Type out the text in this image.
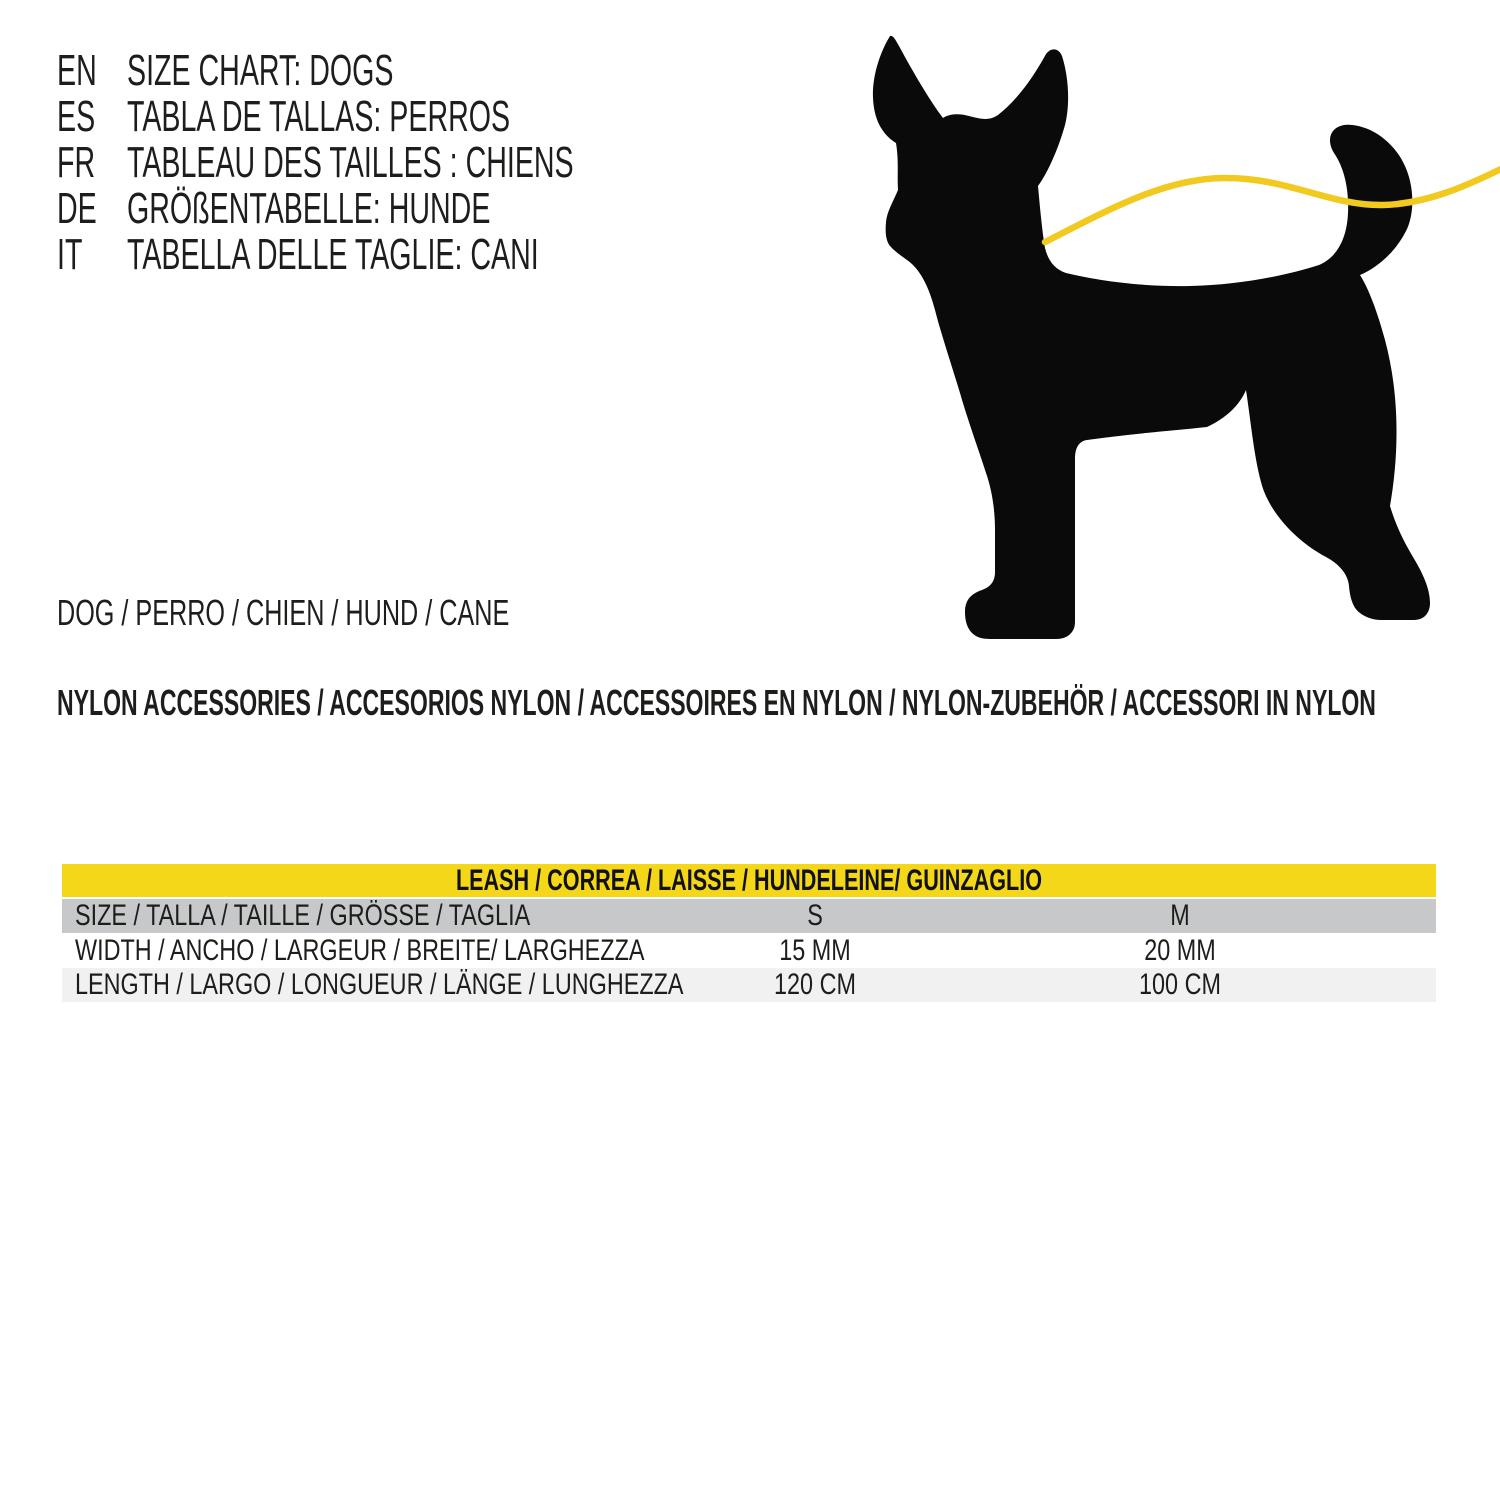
EN SIZE CHART: DOGS
ES TABLA DE TALLAS: PERROS
FR TABLEAU DES TAILLES : CHIENS
DE GRÖßENTABELLE: HUNDE
IT TABELLA DELLE TAGLIE: CANI
DOG / PERRO / CHIEN / HUND / CANE
NYLON ACCESSORIES / ACCESORIOS NYLON / ACCESSOIRES EN NYLON / NYLON-ZUBEHÖR / ACCESSORI IN NYLON
LEASH / CORREA / LAISSE / HUNDELEINE/ GUINZAGLIO
SIZE / TALLA / TAILLE / GRÖSSE / TAGLIA	S	M
WIDTH / ANCHO / LARGEUR / BREITE/ LARGHEZZA	15 MM	20 MM
LENGTH / LARGO / LONGUEUR / LÄNGE / LUNGHEZZA	120 CM	100 CM
